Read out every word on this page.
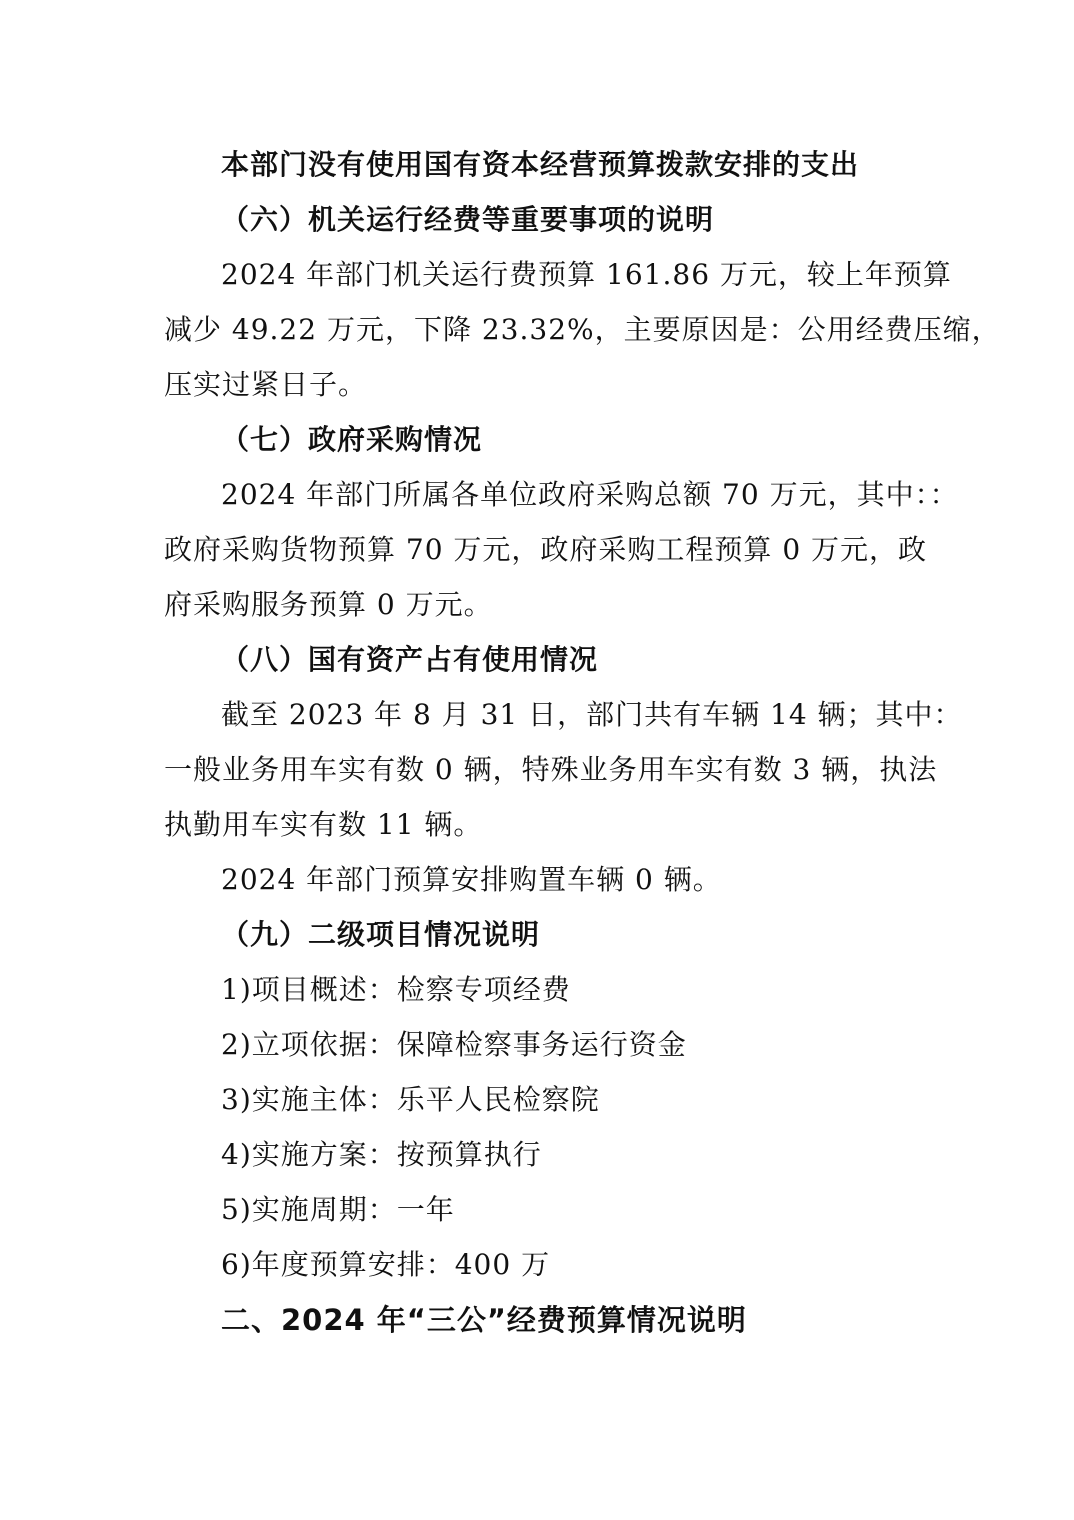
本部门没有使用国有资本经营预算拨款安排的支出
（六）机关运行经费等重要事项的说明
2024 年部门机关运行费预算 161.86 万元，较上年预算
减少 49.22 万元，下降 23.32%，主要原因是：公用经费压缩，
压实过紧日子。
（七）政府采购情况
2024 年部门所属各单位政府采购总额 70 万元，其中：：
政府采购货物预算 70 万元，政府采购工程预算 0 万元，政
府采购服务预算 0 万元。
（八）国有资产占有使用情况
截至 2023 年 8 月 31 日，部门共有车辆 14 辆；其中：
一般业务用车实有数 0 辆，特殊业务用车实有数 3 辆，执法
执勤用车实有数 11 辆。
2024 年部门预算安排购置车辆 0 辆。
（九）二级项目情况说明
1)项目概述：检察专项经费
2)立项依据：保障检察事务运行资金
3)实施主体：乐平人民检察院
4)实施方案：按预算执行
5)实施周期：一年
6)年度预算安排：400 万
二、2024 年“三公”经费预算情况说明
